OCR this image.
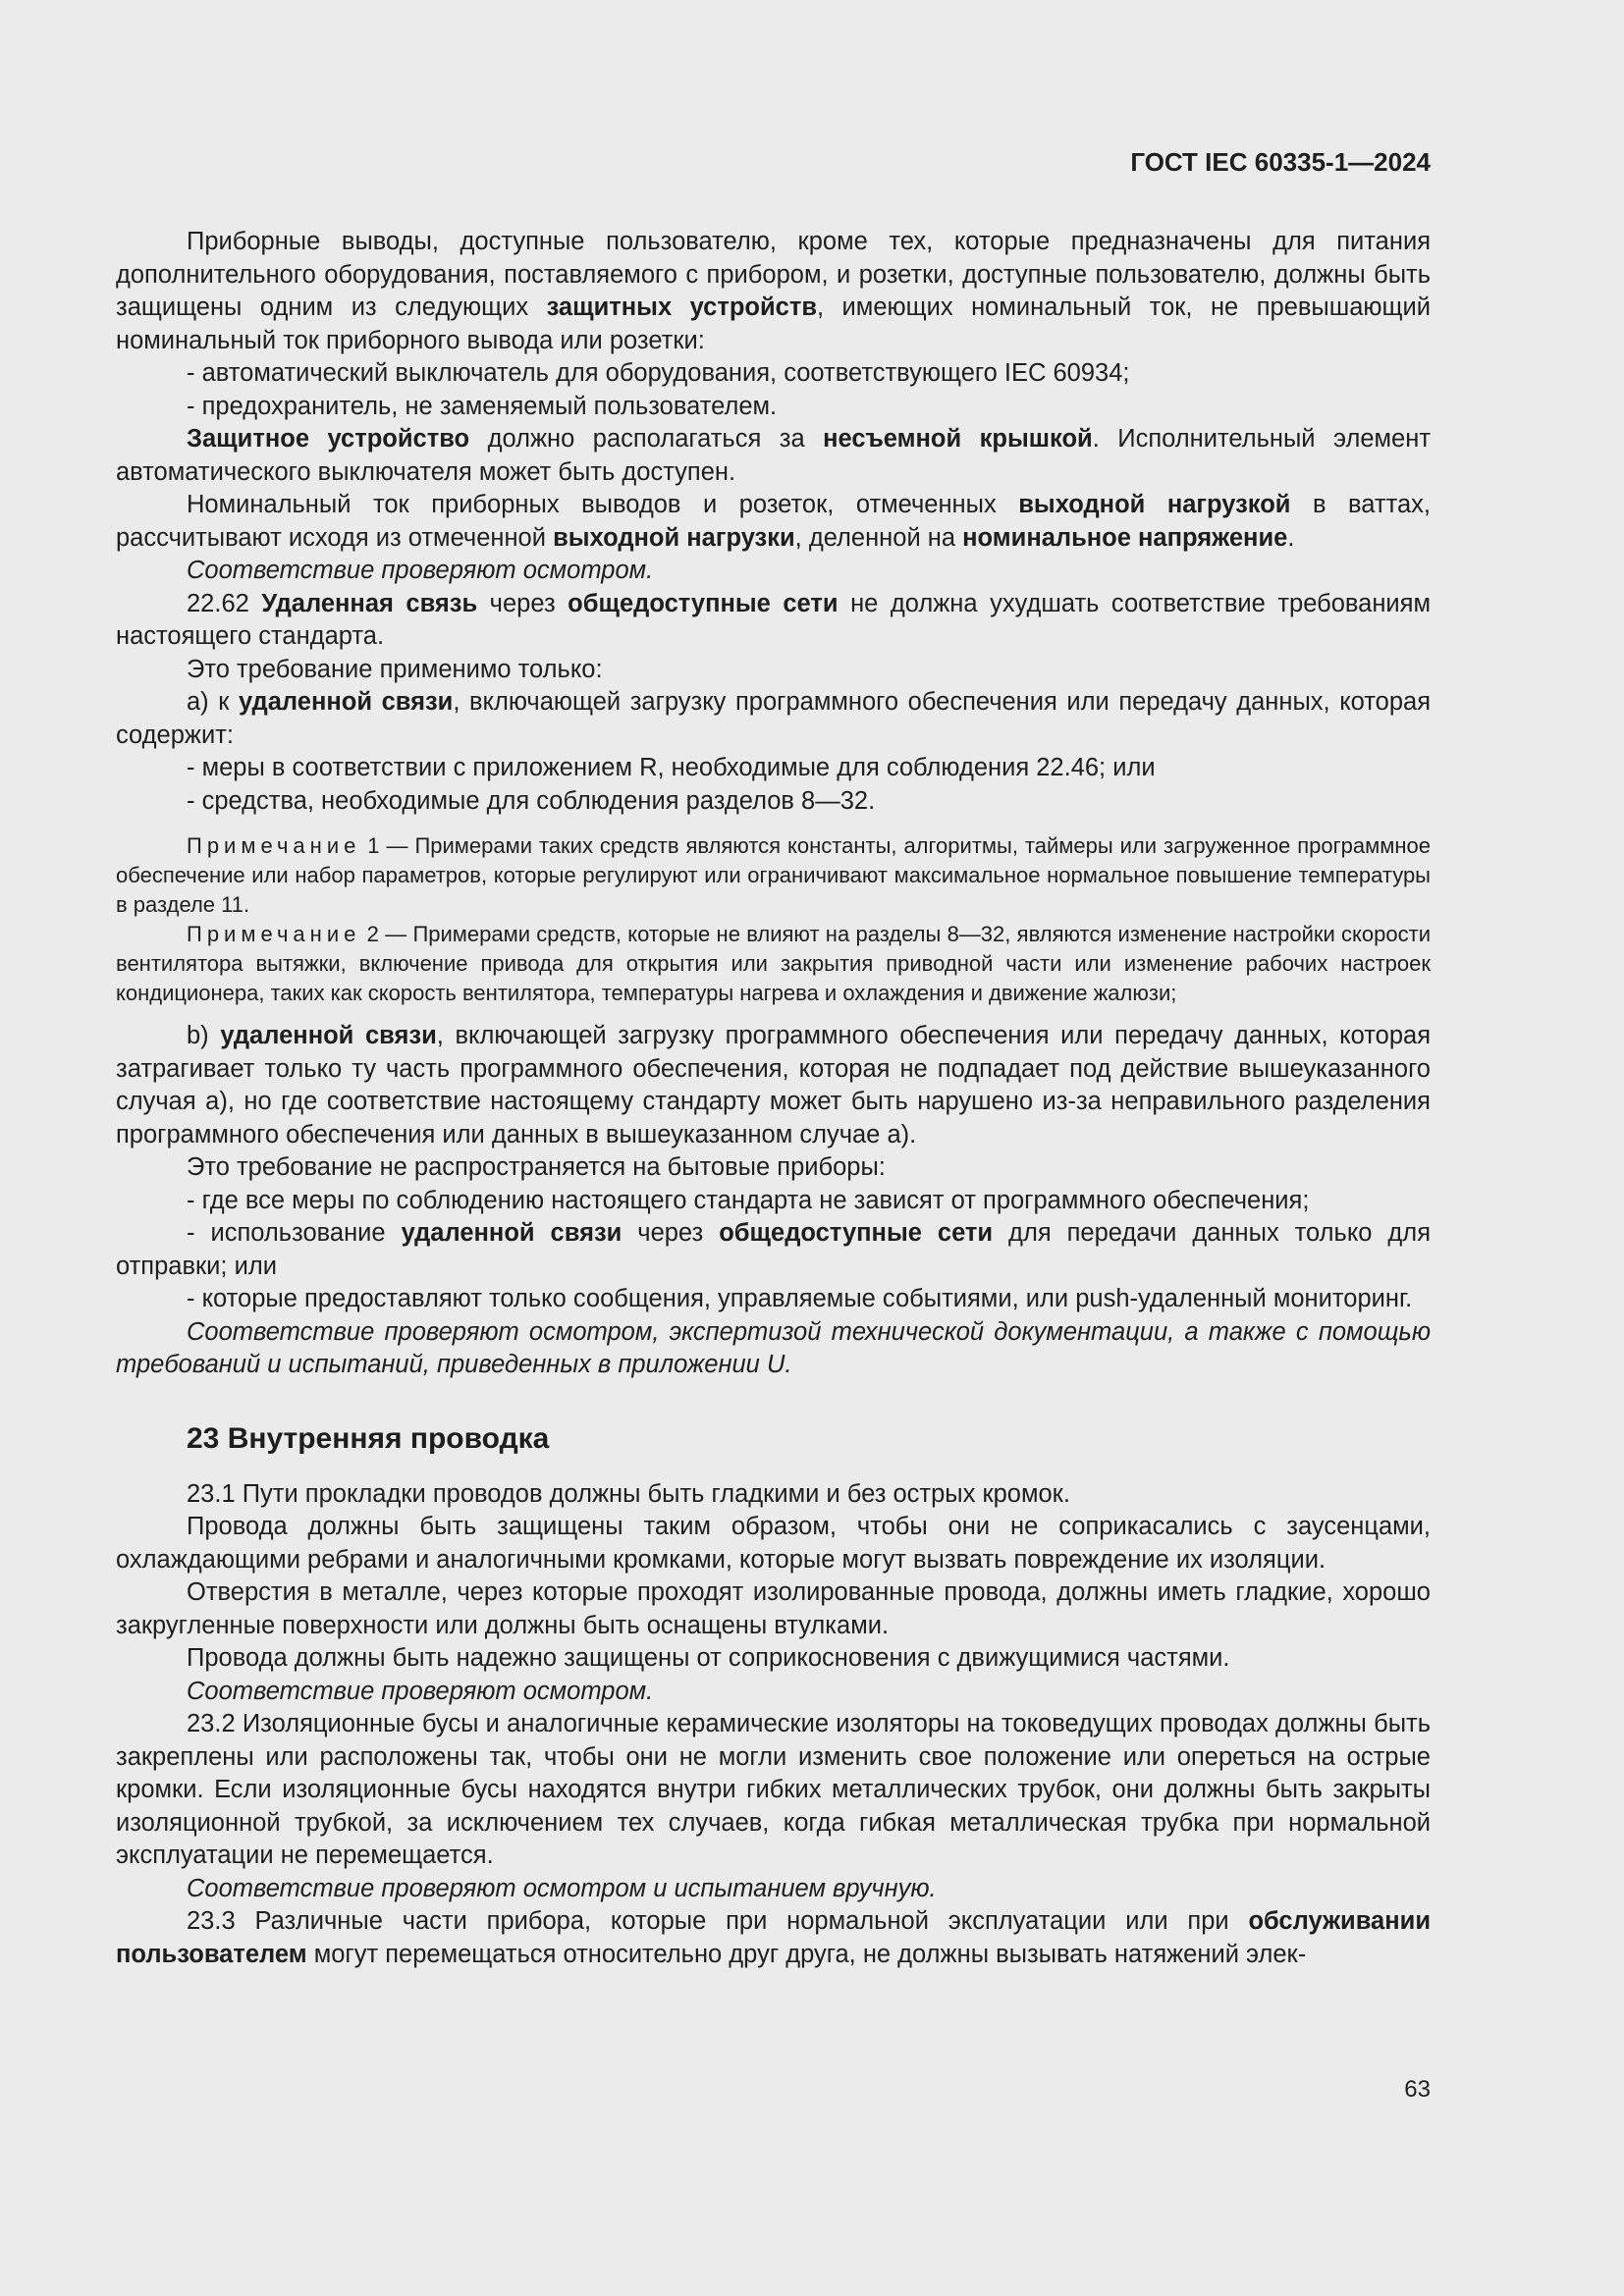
ГОСТ IEC 60335-1—2024

Приборные выводы, доступные пользователю, кроме тех, которые предназначены для питания дополнительного оборудования, поставляемого с прибором, и розетки, доступные пользователю, должны быть защищены одним из следующих защитных устройств, имеющих номинальный ток, не превышающий номинальный ток приборного вывода или розетки:

- автоматический выключатель для оборудования, соответствующего IEC 60934;

- предохранитель, не заменяемый пользователем.

Защитное устройство должно располагаться за несъемной крышкой. Исполнительный элемент автоматического выключателя может быть доступен.

Номинальный ток приборных выводов и розеток, отмеченных выходной нагрузкой в ваттах, рассчитывают исходя из отмеченной выходной нагрузки, деленной на номинальное напряжение.

Соответствие проверяют осмотром.

22.62 Удаленная связь через общедоступные сети не должна ухудшать соответствие требованиям настоящего стандарта.

Это требование применимо только:

a) к удаленной связи, включающей загрузку программного обеспечения или передачу данных, которая содержит:

- меры в соответствии с приложением R, необходимые для соблюдения 22.46; или

- средства, необходимые для соблюдения разделов 8—32.

Примечание 1 — Примерами таких средств являются константы, алгоритмы, таймеры или загруженное программное обеспечение или набор параметров, которые регулируют или ограничивают максимальное нормальное повышение температуры в разделе 11.

Примечание 2 — Примерами средств, которые не влияют на разделы 8—32, являются изменение настройки скорости вентилятора вытяжки, включение привода для открытия или закрытия приводной части или изменение рабочих настроек кондиционера, таких как скорость вентилятора, температуры нагрева и охлаждения и движение жалюзи;

b) удаленной связи, включающей загрузку программного обеспечения или передачу данных, которая затрагивает только ту часть программного обеспечения, которая не подпадает под действие вышеуказанного случая a), но где соответствие настоящему стандарту может быть нарушено из-за неправильного разделения программного обеспечения или данных в вышеуказанном случае a).

Это требование не распространяется на бытовые приборы:

- где все меры по соблюдению настоящего стандарта не зависят от программного обеспечения;

- использование удаленной связи через общедоступные сети для передачи данных только для отправки; или

- которые предоставляют только сообщения, управляемые событиями, или push-удаленный мониторинг.

Соответствие проверяют осмотром, экспертизой технической документации, а также с помощью требований и испытаний, приведенных в приложении U.

23 Внутренняя проводка

23.1 Пути прокладки проводов должны быть гладкими и без острых кромок.

Провода должны быть защищены таким образом, чтобы они не соприкасались с заусенцами, охлаждающими ребрами и аналогичными кромками, которые могут вызвать повреждение их изоляции.

Отверстия в металле, через которые проходят изолированные провода, должны иметь гладкие, хорошо закругленные поверхности или должны быть оснащены втулками.

Провода должны быть надежно защищены от соприкосновения с движущимися частями.

Соответствие проверяют осмотром.

23.2 Изоляционные бусы и аналогичные керамические изоляторы на токоведущих проводах должны быть закреплены или расположены так, чтобы они не могли изменить свое положение или опереться на острые кромки. Если изоляционные бусы находятся внутри гибких металлических трубок, они должны быть закрыты изоляционной трубкой, за исключением тех случаев, когда гибкая металлическая трубка при нормальной эксплуатации не перемещается.

Соответствие проверяют осмотром и испытанием вручную.

23.3 Различные части прибора, которые при нормальной эксплуатации или при обслуживании пользователем могут перемещаться относительно друг друга, не должны вызывать натяжений элек-

63
